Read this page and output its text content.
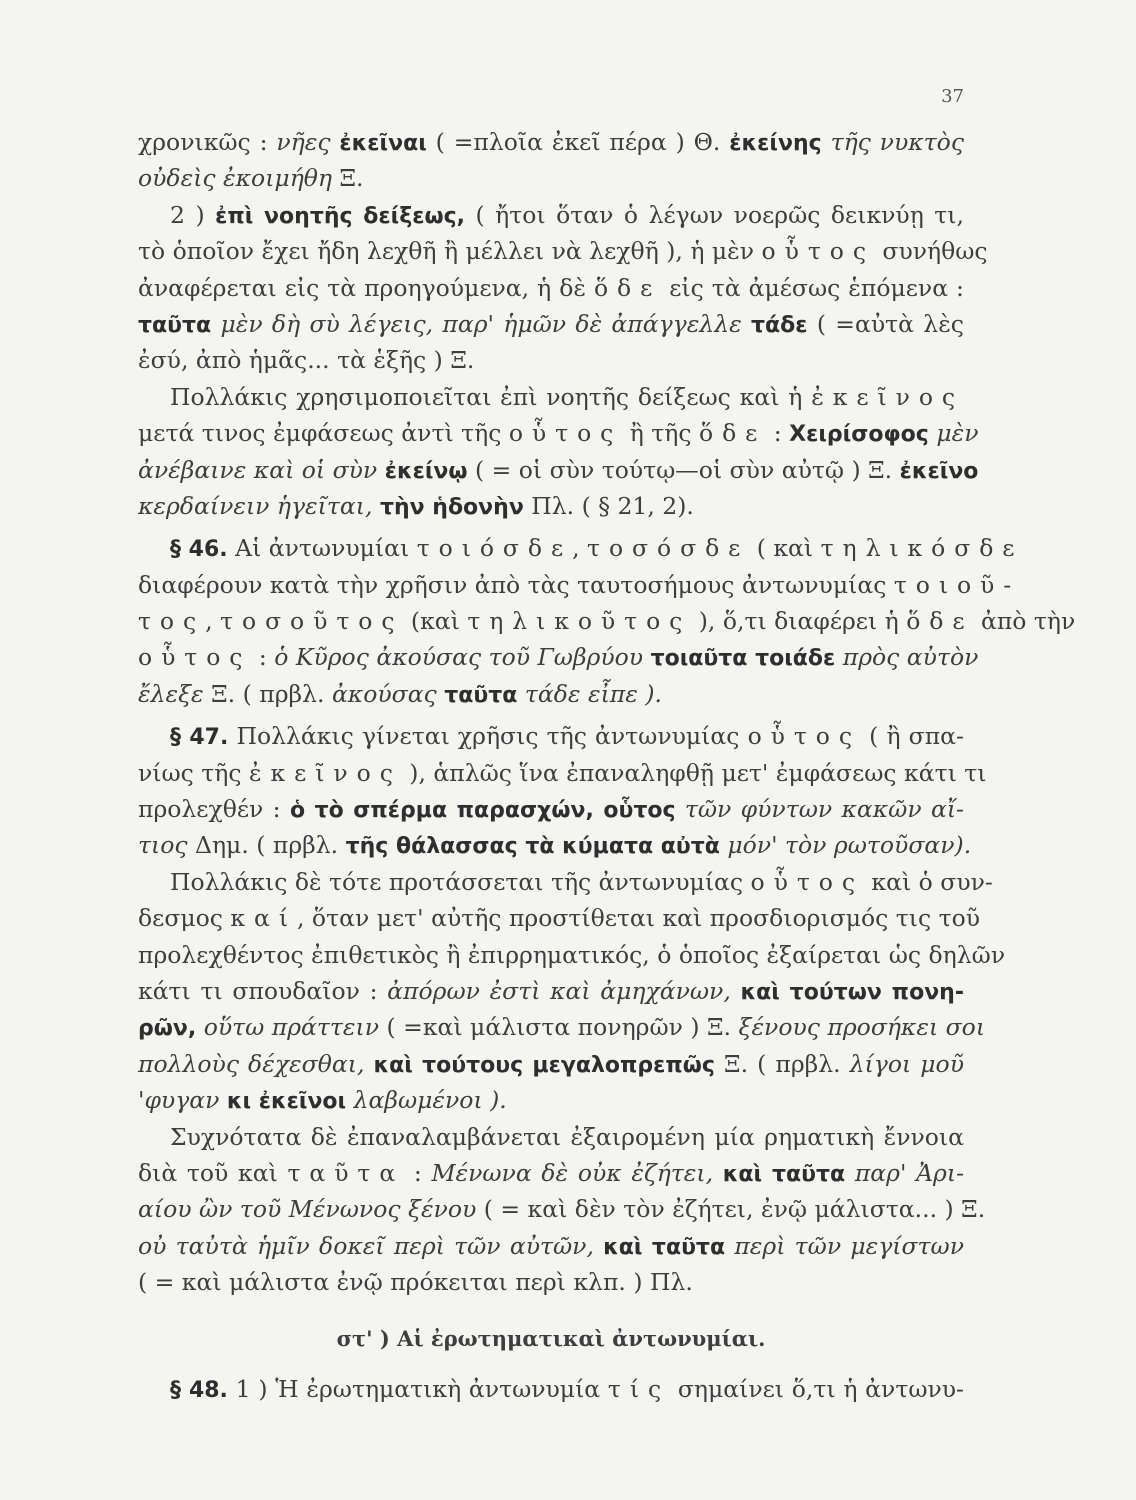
37
χρονικῶς : νῆες ἐκεῖναι ( =πλοῖα ἐκεῖ πέρα ) Θ. ἐκείνης τῆς νυκτὸς
οὐδεὶς ἐκοιμήθη Ξ.
2 ) ἐπὶ νοητῆς δείξεως, ( ἤτοι ὅταν ὁ λέγων νοερῶς δεικνύῃ τι,
τὸ ὁποῖον ἔχει ἤδη λεχθῆ ἢ μέλλει νὰ λεχθῆ ), ἡ μὲν οὗτος συνήθως
ἀναφέρεται εἰς τὰ προηγούμενα, ἡ δὲ ὅδε εἰς τὰ ἀμέσως ἑπόμενα :
ταῦτα μὲν δὴ σὺ λέγεις, παρ' ἡμῶν δὲ ἀπάγγελλε τάδε ( =αὐτὰ λὲς
ἐσύ, ἀπὸ ἡμᾶς... τὰ ἑξῆς ) Ξ.
Πολλάκις χρησιμοποιεῖται ἐπὶ νοητῆς δείξεως καὶ ἡ ἐκεῖνος
μετά τινος ἐμφάσεως ἀντὶ τῆς οὗτος ἢ τῆς ὅδε : Χειρίσοφος μὲν
ἀνέβαινε καὶ οἱ σὺν ἐκείνῳ ( = οἱ σὺν τούτῳ—οἱ σὺν αὐτῷ ) Ξ. ἐκεῖνο
κερδαίνειν ἡγεῖται, τὴν ἡδονὴν Πλ. ( § 21, 2).
§ 46. Αἱ ἀντωνυμίαι τοιόσδε, τοσόσδε ( καὶ τηλικόσδε
διαφέρουν κατὰ τὴν χρῆσιν ἀπὸ τὰς ταυτοσήμους ἀντωνυμίας τοιοῦ-
τος, τοσοῦτος (καὶ τηλικοῦτος ), ὅ,τι διαφέρει ἡ ὅδε ἀπὸ τὴν
οὗτος : ὁ Κῦρος ἀκούσας τοῦ Γωβρύου τοιαῦτα τοιάδε πρὸς αὐτὸν
ἔλεξε Ξ. ( πρβλ. ἀκούσας ταῦτα τάδε εἶπε ).
§ 47. Πολλάκις γίνεται χρῆσις τῆς ἀντωνυμίας οὗτος ( ἢ σπα-
νίως τῆς ἐκεῖνος ), ἁπλῶς ἵνα ἐπαναληφθῇ μετ' ἐμφάσεως κάτι τι
προλεχθέν : ὁ τὸ σπέρμα παρασχών, οὗτος τῶν φύντων κακῶν αἴ-
τιος Δημ. ( πρβλ. τῆς θάλασσας τὰ κύματα αὐτὰ μόν' τὸν ρωτοῦσαν).
Πολλάκις δὲ τότε προτάσσεται τῆς ἀντωνυμίας οὗτος καὶ ὁ συν-
δεσμος καί, ὅταν μετ' αὐτῆς προστίθεται καὶ προσδιορισμός τις τοῦ
προλεχθέντος ἐπιθετικὸς ἢ ἐπιρρηματικός, ὁ ὁποῖος ἐξαίρεται ὡς δηλῶν
κάτι τι σπουδαῖον : ἀπόρων ἐστὶ καὶ ἀμηχάνων, καὶ τούτων πονη-
ρῶν, οὕτω πράττειν ( =καὶ μάλιστα πονηρῶν ) Ξ. ξένους προσήκει σοι
πολλοὺς δέχεσθαι, καὶ τούτους μεγαλοπρεπῶς Ξ. ( πρβλ. λίγοι μοῦ
'φυγαν κι ἐκεῖνοι λαβωμένοι ).
Συχνότατα δὲ ἐπαναλαμβάνεται ἐξαιρομένη μία ρηματικὴ ἔννοια
διὰ τοῦ καὶ ταῦτα : Μένωνα δὲ οὐκ ἐζήτει, καὶ ταῦτα παρ' Ἀρι-
αίου ὢν τοῦ Μένωνος ξένου ( = καὶ δὲν τὸν ἐζήτει, ἐνῷ μάλιστα... ) Ξ.
οὐ ταὐτὰ ἡμῖν δοκεῖ περὶ τῶν αὐτῶν, καὶ ταῦτα περὶ τῶν μεγίστων
( = καὶ μάλιστα ἐνῷ πρόκειται περὶ κλπ. ) Πλ.
στ' ) Αἱ ἐρωτηματικαὶ ἀντωνυμίαι.
§ 48. 1 ) Ἡ ἐρωτηματικὴ ἀντωνυμία τίς σημαίνει ὅ,τι ἡ ἀντωνυ-
